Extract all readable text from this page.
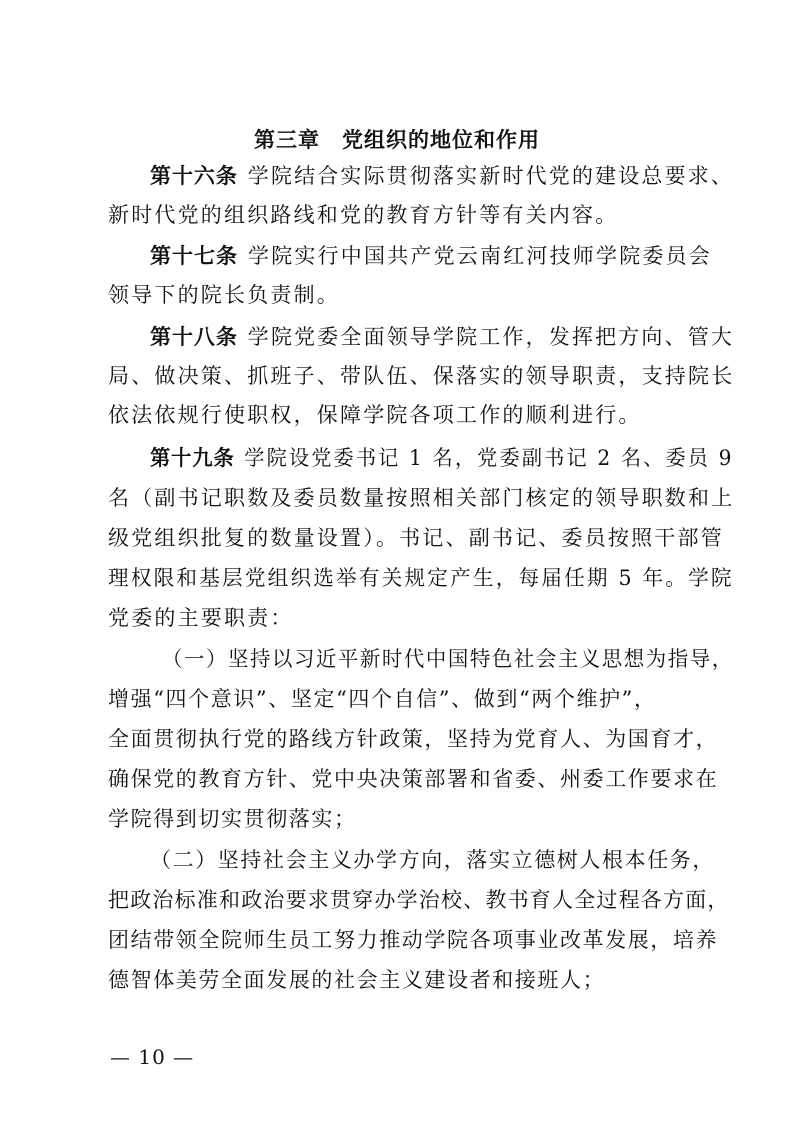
第三章　党组织的地位和作用
第十六条 学院结合实际贯彻落实新时代党的建设总要求、
新时代党的组织路线和党的教育方针等有关内容。
第十七条 学院实行中国共产党云南红河技师学院委员会
领导下的院长负责制。
第十八条 学院党委全面领导学院工作，发挥把方向、管大
局、做决策、抓班子、带队伍、保落实的领导职责，支持院长
依法依规行使职权，保障学院各项工作的顺利进行。
第十九条 学院设党委书记 1 名，党委副书记 2 名、委员 9
名（副书记职数及委员数量按照相关部门核定的领导职数和上
级党组织批复的数量设置）。书记、副书记、委员按照干部管
理权限和基层党组织选举有关规定产生，每届任期 5 年。学院
党委的主要职责：
（一）坚持以习近平新时代中国特色社会主义思想为指导，
增强“四个意识”、坚定“四个自信”、做到“两个维护”，
全面贯彻执行党的路线方针政策，坚持为党育人、为国育才，
确保党的教育方针、党中央决策部署和省委、州委工作要求在
学院得到切实贯彻落实；
（二）坚持社会主义办学方向，落实立德树人根本任务，
把政治标准和政治要求贯穿办学治校、教书育人全过程各方面，
团结带领全院师生员工努力推动学院各项事业改革发展，培养
德智体美劳全面发展的社会主义建设者和接班人；
— 10 —
